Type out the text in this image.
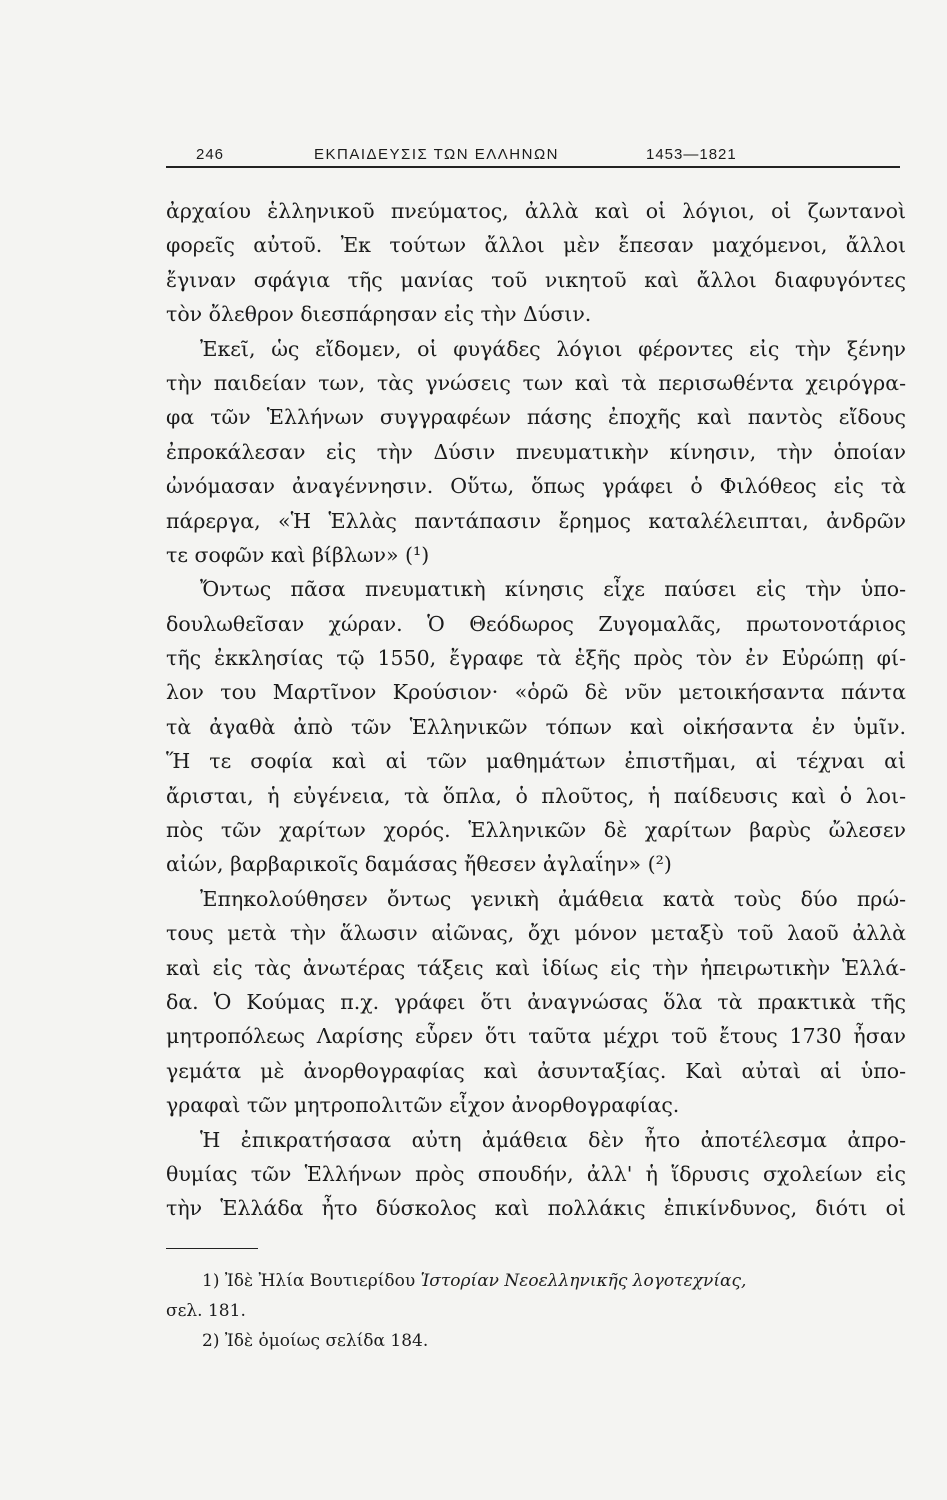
246	ΕΚΠΑΙΔΕΥΣΙΣ ΤΩΝ ΕΛΛΗΝΩΝ	1453—1821
ἀρχαίου ἑλληνικοῦ πνεύματος, ἀλλὰ καὶ οἱ λόγιοι, οἱ ζωντανοὶ
φορεῖς αὐτοῦ. Ἐκ τούτων ἄλλοι μὲν ἔπεσαν μαχόμενοι, ἄλλοι
ἔγιναν σφάγια τῆς μανίας τοῦ νικητοῦ καὶ ἄλλοι διαφυγόντες
τὸν ὄλεθρον διεσπάρησαν εἰς τὴν Δύσιν.
Ἐκεῖ, ὡς εἴδομεν, οἱ φυγάδες λόγιοι φέροντες εἰς τὴν ξένην
τὴν παιδείαν των, τὰς γνώσεις των καὶ τὰ περισωθέντα χειρόγρα-
φα τῶν Ἑλλήνων συγγραφέων πάσης ἐποχῆς καὶ παντὸς εἴδους
ἐπροκάλεσαν εἰς τὴν Δύσιν πνευματικὴν κίνησιν, τὴν ὁποίαν
ὠνόμασαν ἀναγέννησιν. Οὕτω, ὅπως γράφει ὁ Φιλόθεος εἰς τὰ
πάρεργα, «Ἡ Ἑλλὰς παντάπασιν ἔρημος καταλέλειπται, ἀνδρῶν
τε σοφῶν καὶ βίβλων» (¹)
Ὄντως πᾶσα πνευματικὴ κίνησις εἶχε παύσει εἰς τὴν ὑπο-
δουλωθεῖσαν χώραν. Ὁ Θεόδωρος Ζυγομαλᾶς, πρωτονοτάριος
τῆς ἐκκλησίας τῷ 1550, ἔγραφε τὰ ἑξῆς πρὸς τὸν ἐν Εὐρώπῃ φί-
λον του Μαρτῖνον Κρούσιον· «ὁρῶ δὲ νῦν μετοικήσαντα πάντα
τὰ ἀγαθὰ ἀπὸ τῶν Ἑλληνικῶν τόπων καὶ οἰκήσαντα ἐν ὑμῖν.
Ἥ τε σοφία καὶ αἱ τῶν μαθημάτων ἐπιστῆμαι, αἱ τέχναι αἱ
ἄρισται, ἡ εὐγένεια, τὰ ὅπλα, ὁ πλοῦτος, ἡ παίδευσις καὶ ὁ λοι-
πὸς τῶν χαρίτων χορός. Ἑλληνικῶν δὲ χαρίτων βαρὺς ὤλεσεν
αἰών, βαρβαρικοῖς δαμάσας ἤθεσεν ἀγλαΐην» (²)
Ἐπηκολούθησεν ὄντως γενικὴ ἀμάθεια κατὰ τοὺς δύο πρώ-
τους μετὰ τὴν ἅλωσιν αἰῶνας, ὄχι μόνον μεταξὺ τοῦ λαοῦ ἀλλὰ
καὶ εἰς τὰς ἀνωτέρας τάξεις καὶ ἰδίως εἰς τὴν ἠπειρωτικὴν Ἑλλά-
δα. Ὁ Κούμας π.χ. γράφει ὅτι ἀναγνώσας ὅλα τὰ πρακτικὰ τῆς
μητροπόλεως Λαρίσης εὗρεν ὅτι ταῦτα μέχρι τοῦ ἔτους 1730 ἦσαν
γεμάτα μὲ ἀνορθογραφίας καὶ ἀσυνταξίας. Καὶ αὐταὶ αἱ ὑπο-
γραφαὶ τῶν μητροπολιτῶν εἶχον ἀνορθογραφίας.
Ἡ ἐπικρατήσασα αὐτη ἀμάθεια δὲν ἦτο ἀποτέλεσμα ἀπρο-
θυμίας τῶν Ἑλλήνων πρὸς σπουδήν, ἀλλ' ἡ ἵδρυσις σχολείων εἰς
τὴν Ἑλλάδα ἦτο δύσκολος καὶ πολλάκις ἐπικίνδυνος, διότι οἱ
1) Ἰδὲ Ἠλία Βουτιερίδου Ἱστορίαν Νεοελληνικῆς λογοτεχνίας,
σελ. 181.
2) Ἰδὲ ὁμοίως σελίδα 184.
